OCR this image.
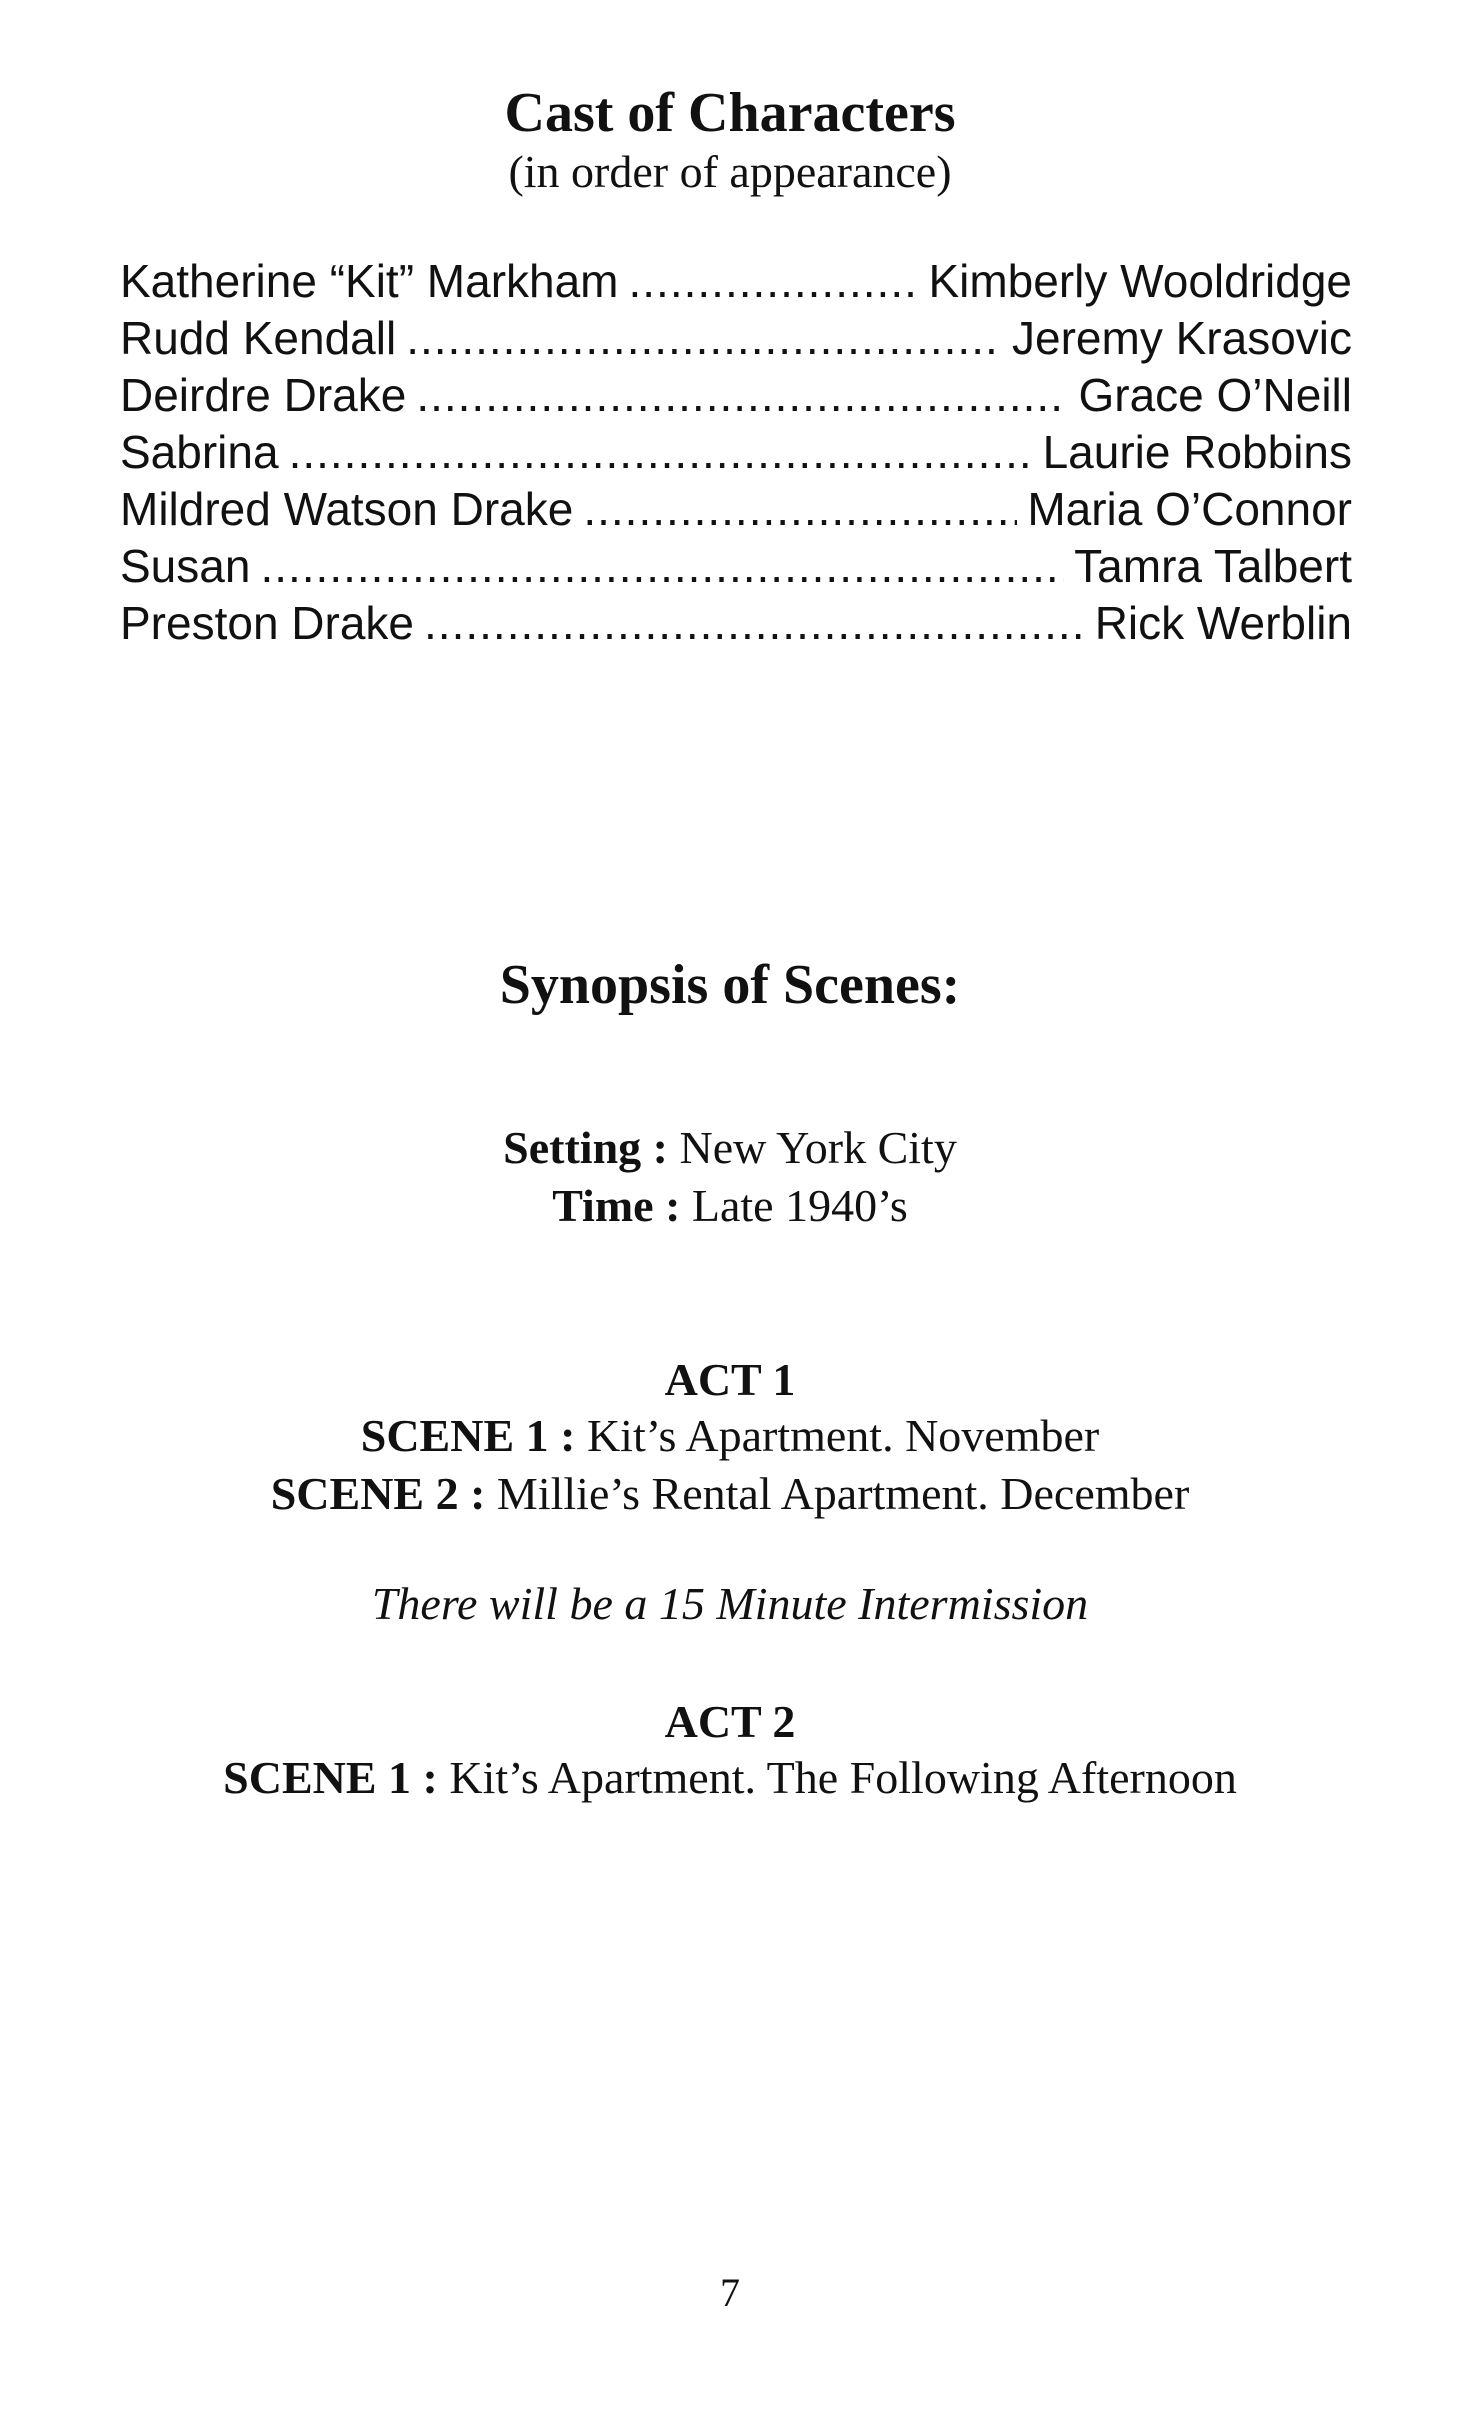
Cast of Characters
(in order of appearance)
Katherine “Kit” Markham .....	Kimberly Wooldridge
Rudd Kendall .....	Jeremy Krasovic
Deirdre Drake .....	Grace O’Neill
Sabrina .....	Laurie Robbins
Mildred Watson Drake .....	Maria O’Connor
Susan .....	Tamra Talbert
Preston Drake .....	Rick Werblin
Synopsis of Scenes:
Setting : New York City
Time : Late 1940’s
ACT 1
SCENE 1 : Kit’s Apartment. November
SCENE 2 : Millie’s Rental Apartment. December
There will be a 15 Minute Intermission
ACT 2
SCENE 1 : Kit’s Apartment. The Following Afternoon
7
